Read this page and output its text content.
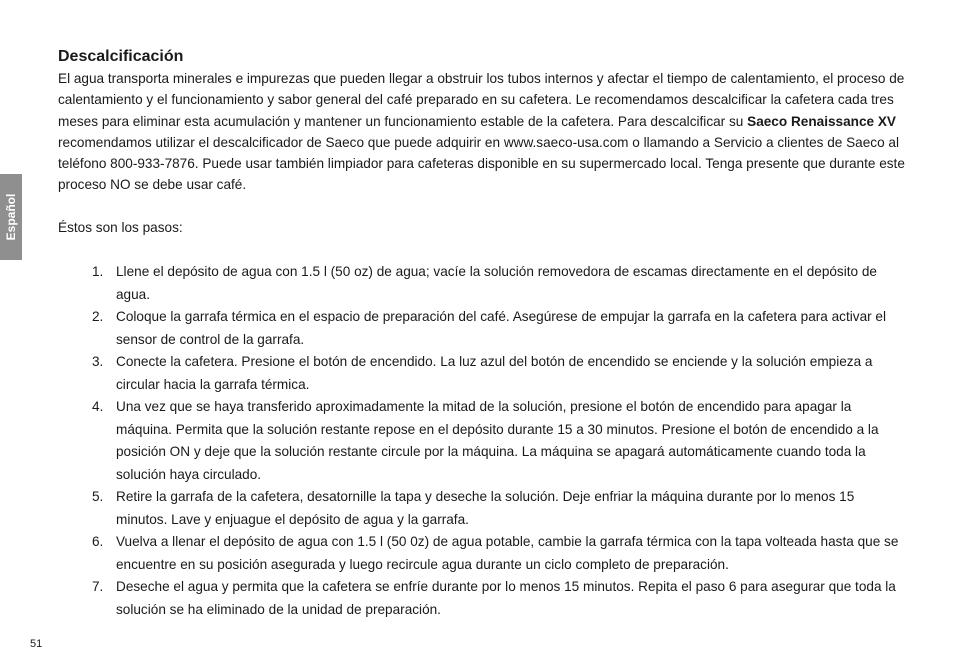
Español
Descalcificación

El agua transporta minerales e impurezas que pueden llegar a obstruir los tubos internos y afectar el tiempo de calentamiento, el proceso de calentamiento y el funcionamiento y sabor general del café preparado en su cafetera. Le recomendamos descalcificar la cafetera cada tres meses para eliminar esta acumulación y mantener un funcionamiento estable de la cafetera. Para descalcificar su Saeco Renaissance XV recomendamos utilizar el descalcificador de Saeco que puede adquirir en www.saeco-usa.com o llamando a Servicio a clientes de Saeco al teléfono 800-933-7876. Puede usar también limpiador para cafeteras disponible en su supermercado local. Tenga presente que durante este proceso NO se debe usar café.

Éstos son los pasos:

1. Llene el depósito de agua con 1.5 l (50 oz) de agua; vacíe la solución removedora de escamas directamente en el depósito de agua.
2. Coloque la garrafa térmica en el espacio de preparación del café. Asegúrese de empujar la garrafa en la cafetera para activar el sensor de control de la garrafa.
3. Conecte la cafetera. Presione el botón de encendido. La luz azul del botón de encendido se enciende y la solución empieza a circular hacia la garrafa térmica.
4. Una vez que se haya transferido aproximadamente la mitad de la solución, presione el botón de encendido para apagar la máquina. Permita que la solución restante repose en el depósito durante 15 a 30 minutos. Presione el botón de encendido a la posición ON y deje que la solución restante circule por la máquina. La máquina se apagará automáticamente cuando toda la solución haya circulado.
5. Retire la garrafa de la cafetera, desatornille la tapa y deseche la solución. Deje enfriar la máquina durante por lo menos 15 minutos. Lave y enjuague el depósito de agua y la garrafa.
6. Vuelva a llenar el depósito de agua con 1.5 l (50 0z) de agua potable, cambie la garrafa térmica con la tapa volteada hasta que se encuentre en su posición asegurada y luego recircule agua durante un ciclo completo de preparación.
7. Deseche el agua y permita que la cafetera se enfríe durante por lo menos 15 minutos. Repita el paso 6 para asegurar que toda la solución se ha eliminado de la unidad de preparación.
51
